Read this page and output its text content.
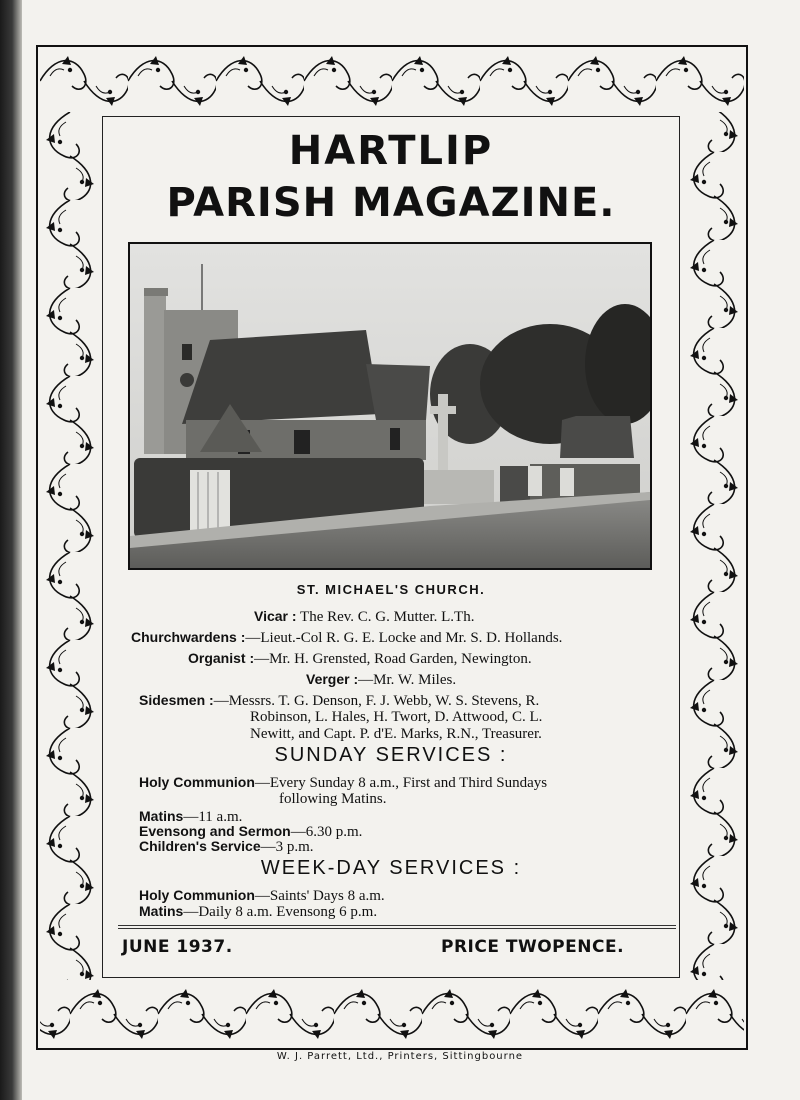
HARTLIP
PARISH MAGAZINE.
ST. MICHAEL'S CHURCH.
Vicar : The Rev. C. G. Mutter. L.Th.
Churchwardens :—Lieut.-Col R. G. E. Locke and Mr. S. D. Hollands.
Organist :—Mr. H. Grensted, Road Garden, Newington.
Verger :—Mr. W. Miles.
Sidesmen :—Messrs. T. G. Denson, F. J. Webb, W. S. Stevens, R.
Robinson, L. Hales, H. Twort, D. Attwood, C. L.
Newitt, and Capt. P. d'E. Marks, R.N., Treasurer.
SUNDAY SERVICES :
Holy Communion—Every Sunday 8 a.m., First and Third Sundays
following Matins.
Matins—11 a.m.
Evensong and Sermon—6.30 p.m.
Children's Service—3 p.m.
WEEK-DAY SERVICES :
Holy Communion—Saints' Days 8 a.m.
Matins—Daily 8 a.m. Evensong 6 p.m.
JUNE 1937.	PRICE TWOPENCE.
W. J. Parrett, Ltd., Printers, Sittingbourne
